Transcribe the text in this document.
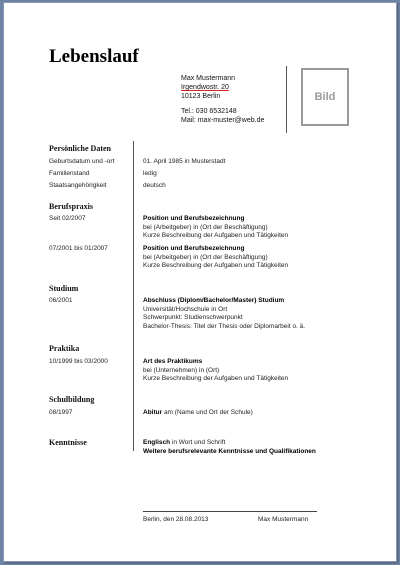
Lebenslauf
Max Mustermann
Irgendwostr. 20
10123 Berlin
Tel.: 030 6532148
Mail: max-muster@web.de
Bild
Persönliche Daten
Geburtsdatum und -ort	01. April 1985 in Musterstadt
Familienstand	ledig
Staatsangehörigkeit	deutsch
Berufspraxis
Seit 02/2007	Position und Berufsbezeichnung
bei (Arbeitgeber) in (Ort der Beschäftigung)
Kurze Beschreibung der Aufgaben und Tätigkeiten
07/2001 bis 01/2007	Position und Berufsbezeichnung
bei (Arbeitgeber) in (Ort der Beschäftigung)
Kurze Beschreibung der Aufgaben und Tätigkeiten
Studium
06/2001	Abschluss (Diplom/Bachelor/Master) Studium
Universität/Hochschule in Ort
Schwerpunkt: Studienschwerpunkt
Bachelor-Thesis: Titel der Thesis oder Diplomarbeit o. ä.
Praktika
10/1999 bis 03/2000	Art des Praktikums
bei (Unternehmen) in (Ort)
Kurze Beschreibung der Aufgaben und Tätigkeiten
Schulbildung
08/1997	Abitur am (Name und Ort der Schule)
Kenntnisse	Englisch in Wort und Schrift
Weitere berufsrelevante Kenntnisse und Qualifikationen
Berlin, den 28.08.2013	Max Mustermann
